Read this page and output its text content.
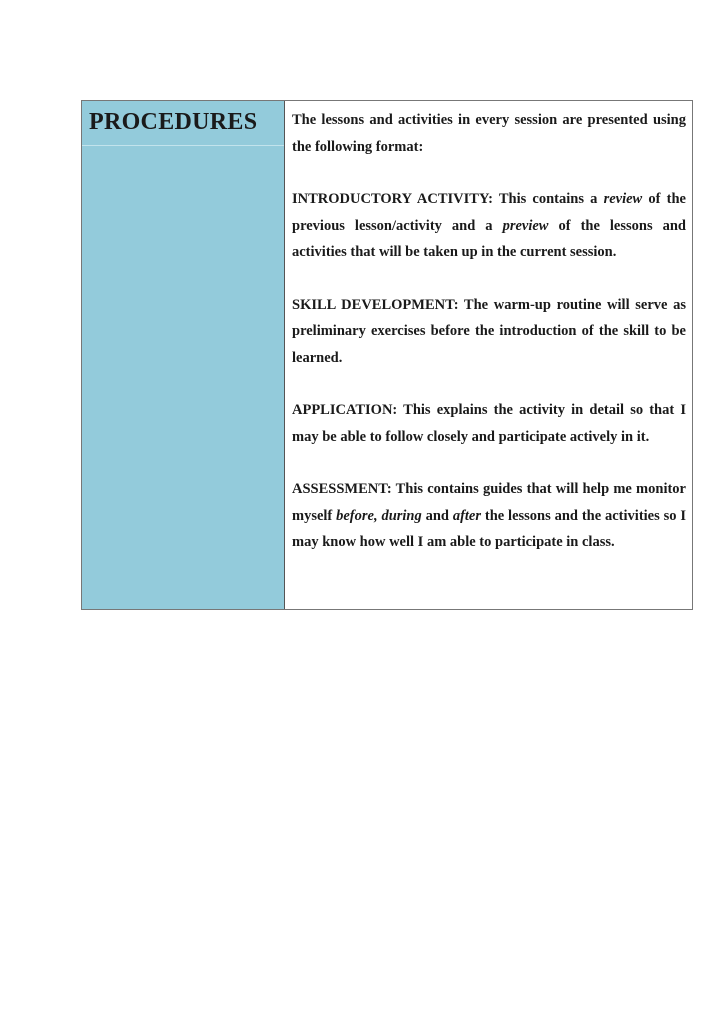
PROCEDURES The lessons and activities in every session are presented using the following format:

INTRODUCTORY ACTIVITY: This contains a review of the previous lesson/activity and a preview of the lessons and activities that will be taken up in the current session.

SKILL DEVELOPMENT: The warm-up routine will serve as preliminary exercises before the introduction of the skill to be learned.

APPLICATION: This explains the activity in detail so that I may be able to follow closely and participate actively in it.

ASSESSMENT: This contains guides that will help me monitor myself before, during and after the lessons and the activities so I may know how well I am able to participate in class.
